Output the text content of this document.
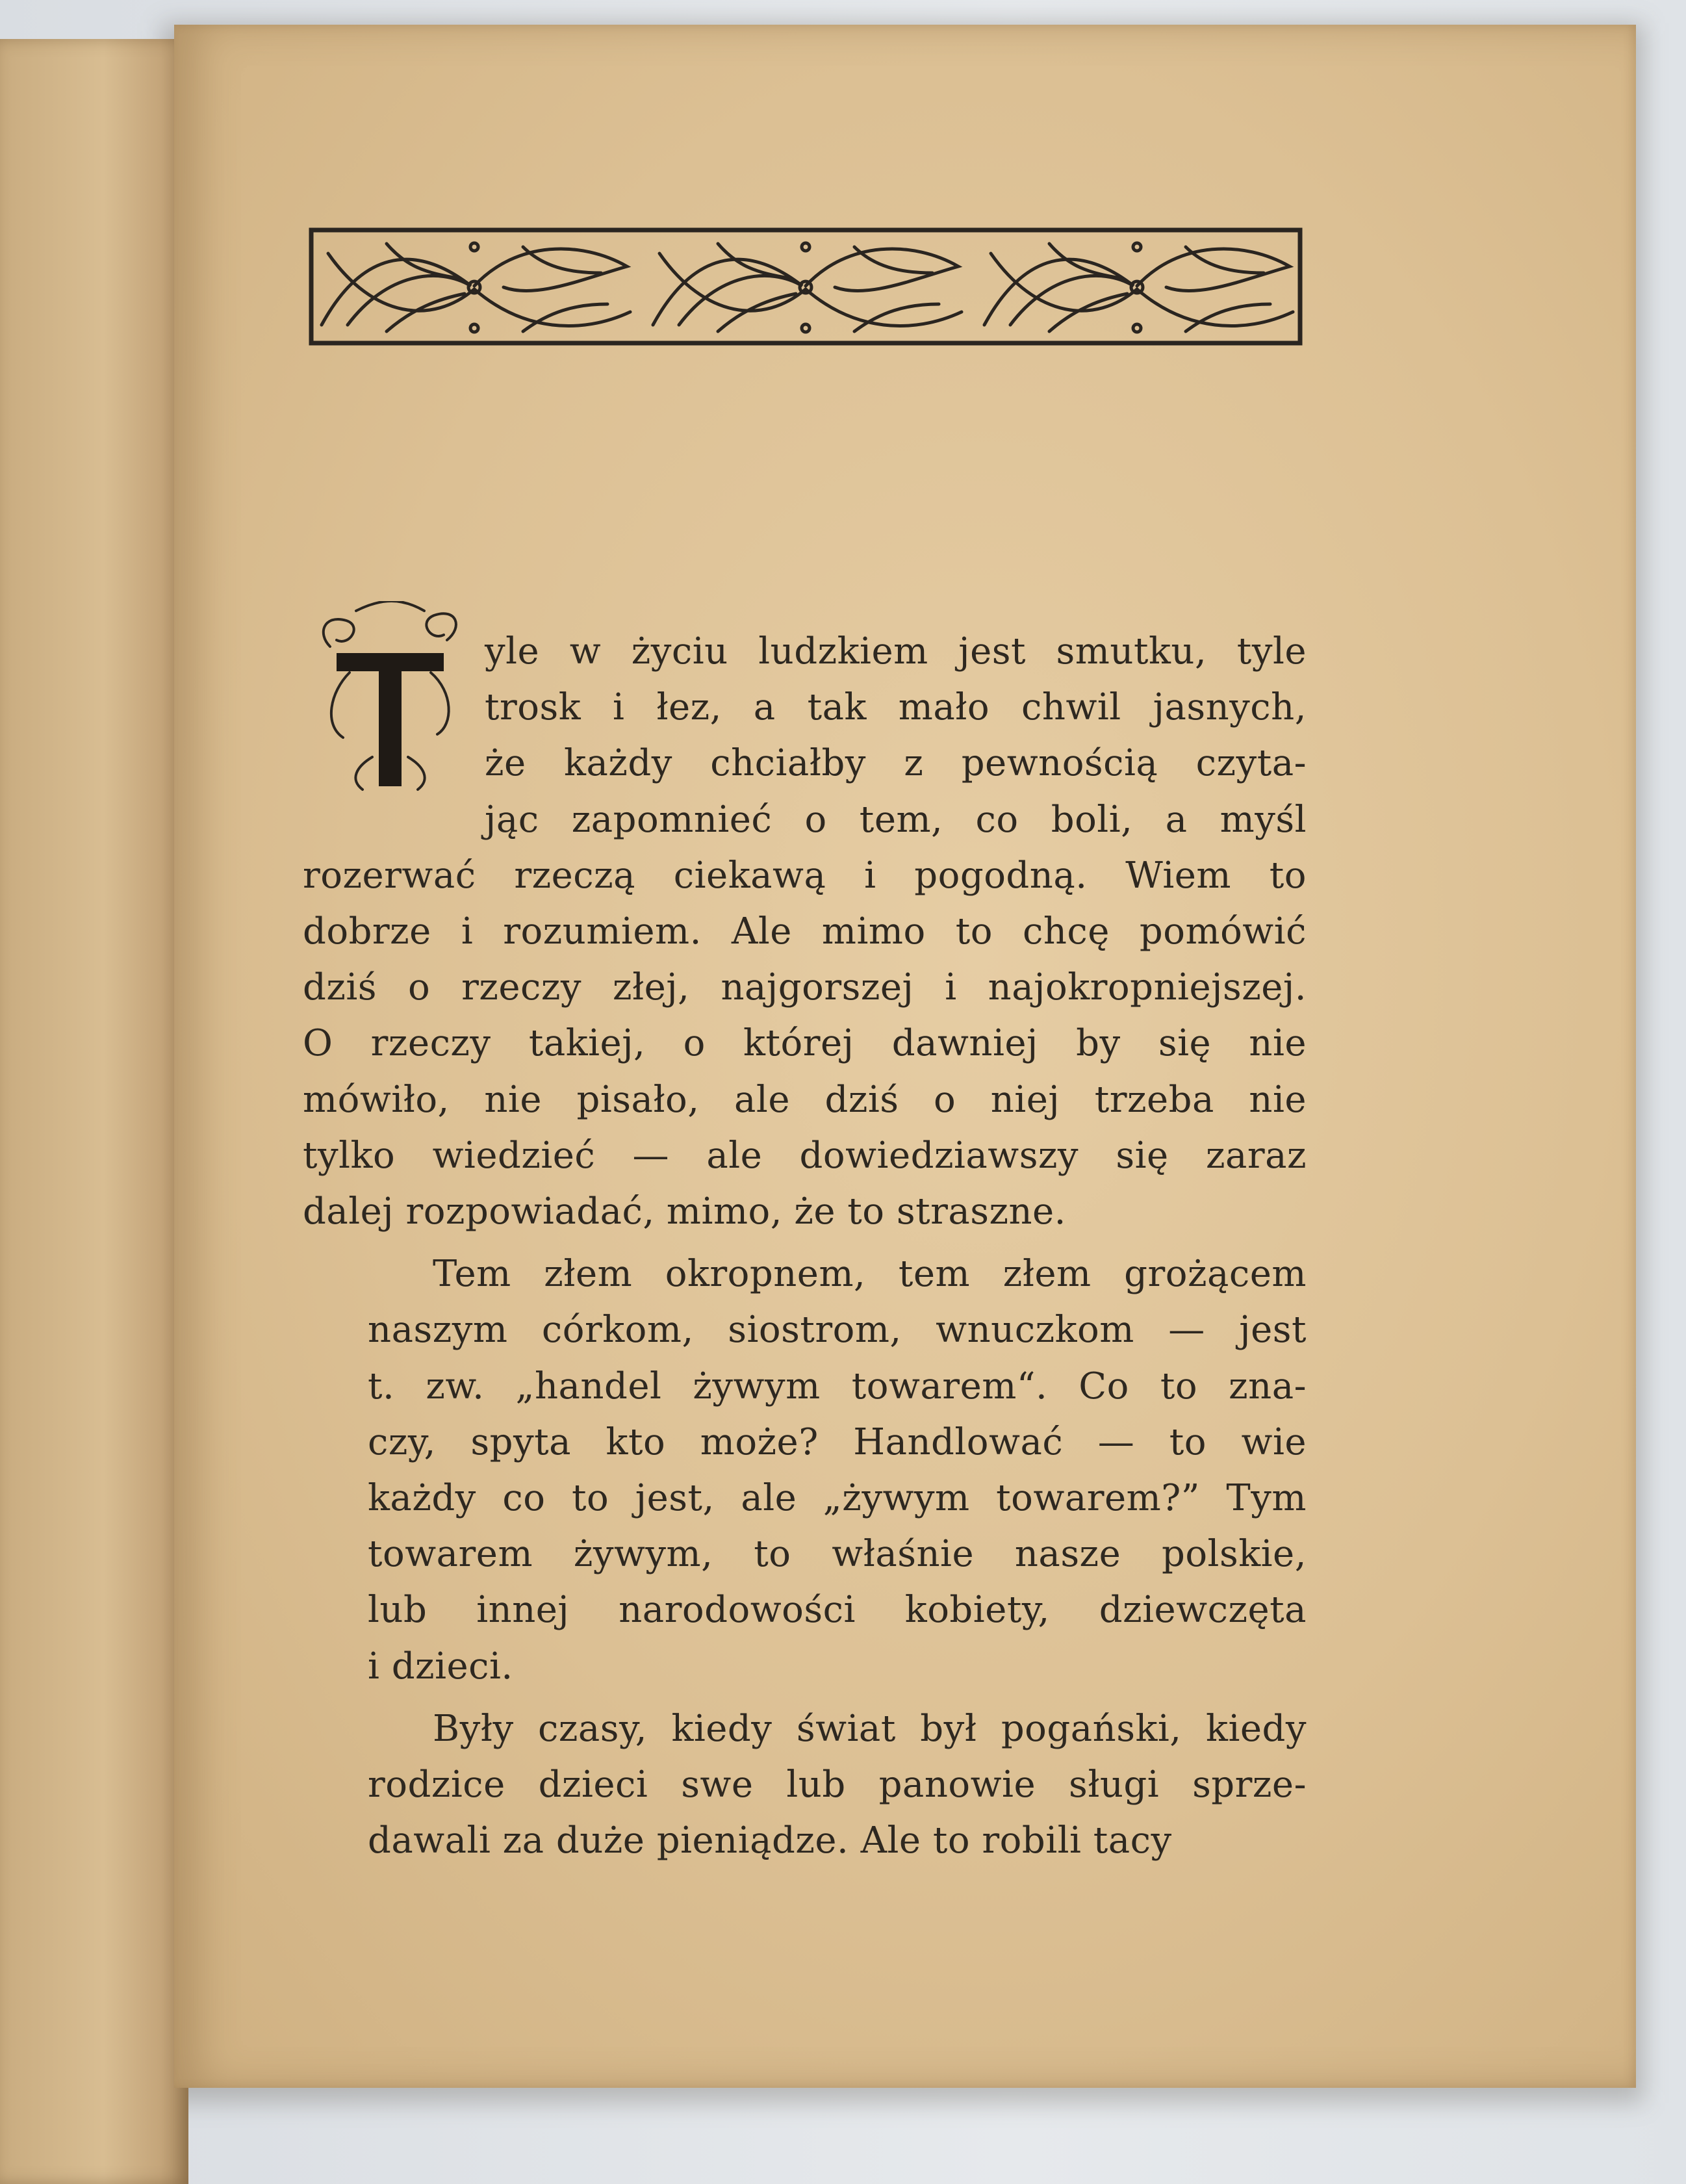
yle w życiu ludzkiem jest smutku, tyle
trosk i łez, a tak mało chwil jasnych,
że każdy chciałby z pewnością czyta-
jąc zapomnieć o tem, co boli, a myśl
rozerwać rzeczą ciekawą i pogodną. Wiem to
dobrze i rozumiem. Ale mimo to chcę pomówić
dziś o rzeczy złej, najgorszej i najokropniejszej.
O rzeczy takiej, o której dawniej by się nie
mówiło, nie pisało, ale dziś o niej trzeba nie
tylko wiedzieć — ale dowiedziawszy się zaraz
dalej rozpowiadać, mimo, że to straszne.

Tem złem okropnem, tem złem grożącem
naszym córkom, siostrom, wnuczkom — jest
t. zw. „handel żywym towarem“. Co to zna-
czy, spyta kto może? Handlować — to wie
każdy co to jest, ale „żywym towarem?” Tym
towarem żywym, to właśnie nasze polskie,
lub innej narodowości kobiety, dziewczęta
i dzieci.

Były czasy, kiedy świat był pogański, kiedy
rodzice dzieci swe lub panowie sługi sprze-
dawali za duże pieniądze. Ale to robili tacy
